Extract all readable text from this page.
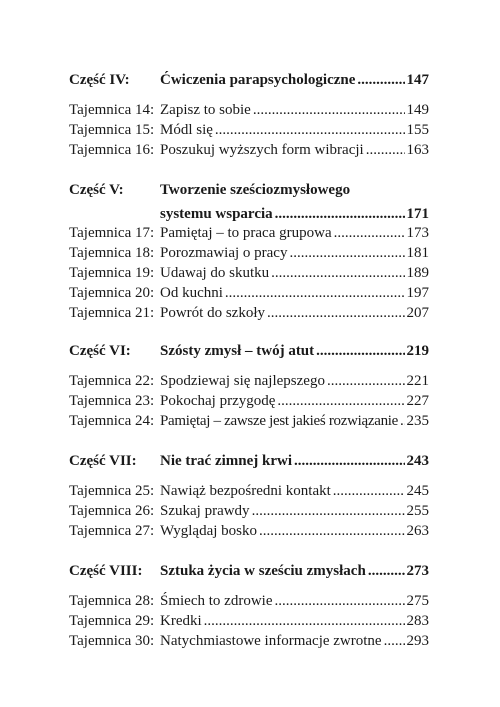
Część IV: Ćwiczenia parapsychologiczne .....	147
Tajemnica 14: Zapisz to sobie .....	149
Tajemnica 15: Módl się .....	155
Tajemnica 16: Poszukuj wyższych form wibracji .....	163
Część V: Tworzenie sześciozmysłowego
systemu wsparcia .....	171
Tajemnica 17: Pamiętaj – to praca grupowa .....	173
Tajemnica 18: Porozmawiaj o pracy .....	181
Tajemnica 19: Udawaj do skutku .....	189
Tajemnica 20: Od kuchni .....	197
Tajemnica 21: Powrót do szkoły .....	207
Część VI: Szósty zmysł – twój atut .....	219
Tajemnica 22: Spodziewaj się najlepszego .....	221
Tajemnica 23: Pokochaj przygodę .....	227
Tajemnica 24: Pamiętaj – zawsze jest jakieś rozwiązanie ..... 235
Część VII: Nie trać zimnej krwi .....	243
Tajemnica 25: Nawiąż bezpośredni kontakt .....	245
Tajemnica 26: Szukaj prawdy .....	255
Tajemnica 27: Wyglądaj bosko .....	263
Część VIII: Sztuka życia w sześciu zmysłach .....	273
Tajemnica 28: Śmiech to zdrowie .....	275
Tajemnica 29: Kredki .....	283
Tajemnica 30: Natychmiastowe informacje zwrotne ..... 293
